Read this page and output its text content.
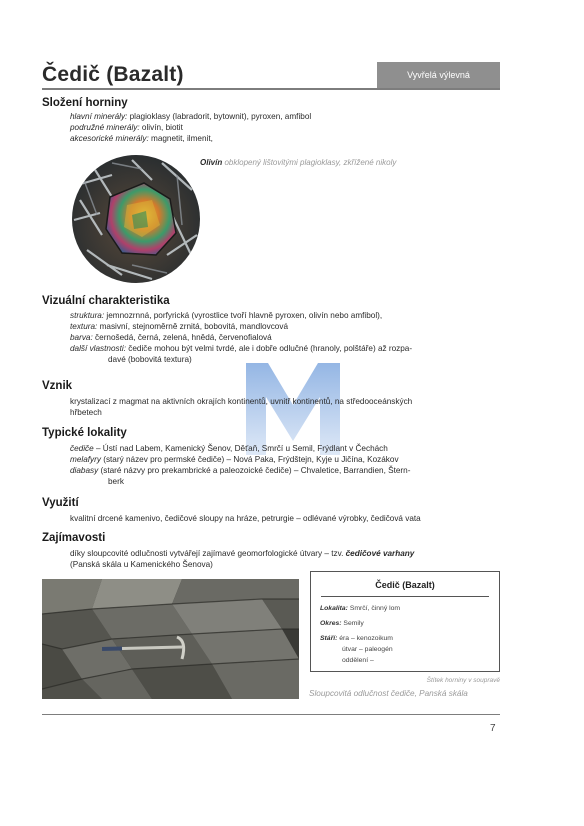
Čedič (Bazalt)	Vyvřelá výlevná
Složení horniny
hlavní minerály: plagioklasy (labradorit, bytownit), pyroxen, amfibol
podružné minerály: olivín, biotit
akcesorické minerály: magnetit, ilmenit,
Olivín obklopený lištovitými plagioklasy, zkřížené nikoly
Vizuální charakteristika
struktura: jemnozrnná, porfyrická (vyrostlice tvoří hlavně pyroxen, olivín nebo amfibol),
textura: masivní, stejnoměrně zrnitá, bobovitá, mandlovcová
barva: černošedá, černá, zelená, hnědá, červenofialová
další vlastnosti: čediče mohou být velmi tvrdé, ale i dobře odlučné (hranoly, polštáře) až rozpa-
davé (bobovitá textura)
Vznik
krystalizací z magmat na aktivních okrajích kontinentů, uvnitř kontinentů, na středooceánských
hřbetech
Typické lokality
čediče – Ústí nad Labem, Kamenický Šenov, Děťaň, Smrčí u Semil, Frýdlant v Čechách
melafyry (starý název pro permské čediče) – Nová Paka, Frýdštejn, Kyje u Jičína, Kozákov
diabasy (staré názvy pro prekambrické a paleozoické čediče) – Chvaletice, Barrandien, Štern-
berk
Využití
kvalitní drcené kamenivo, čedičové sloupy na hráze, petrurgie – odlévané výrobky, čedičová vata
Zajímavosti
díky sloupcovité odlučnosti vytvářejí zajímavé geomorfologické útvary – tzv. čedičové varhany
(Panská skála u Kamenického Šenova)
Sloupcovitá odlučnost čediče, Panská skála
Čedič (Bazalt)
Lokalita: Smrčí, činný lom
Okres: Semily
Stáří: éra – kenozoikum
útvar – paleogén
oddělení –
Štítek horniny v soupravě
7
